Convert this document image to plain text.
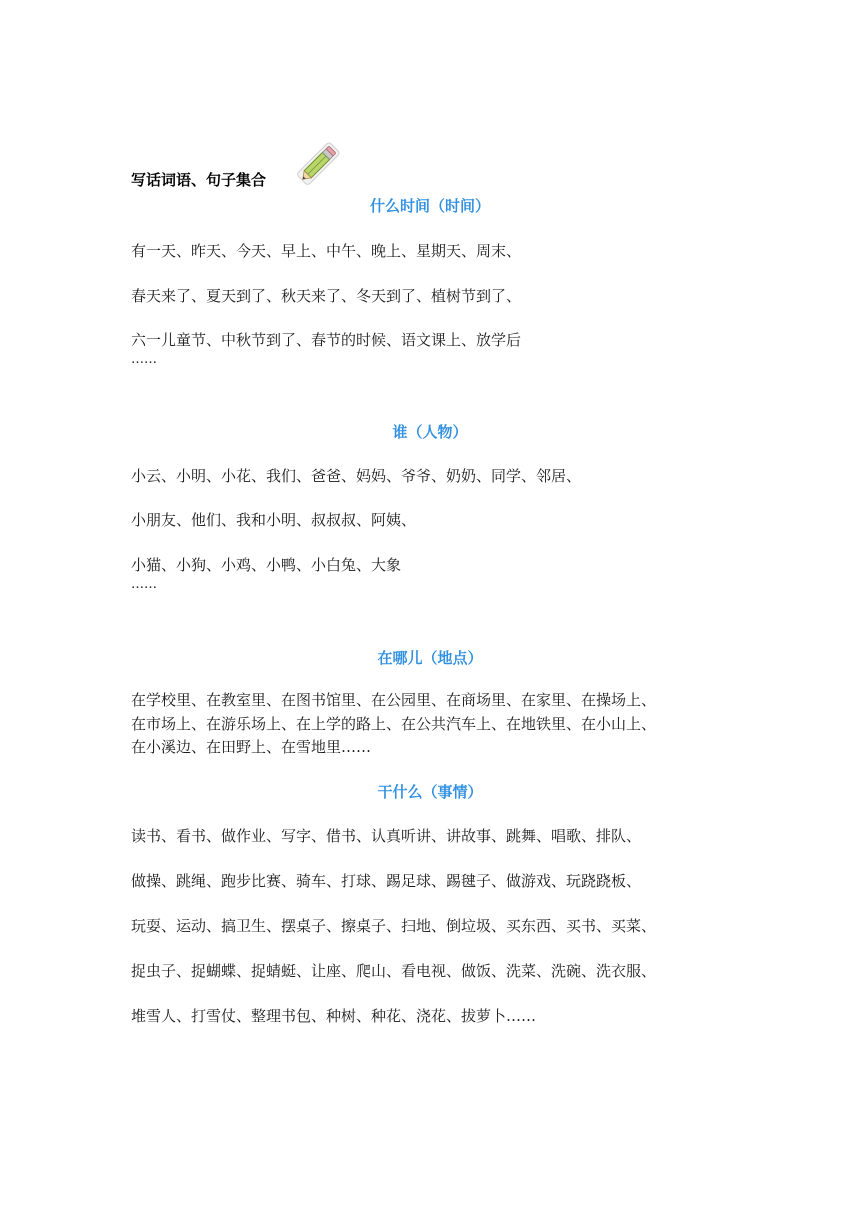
写话词语、句子集合
什么时间（时间）
有一天、昨天、今天、早上、中午、晚上、星期天、周末、
春天来了、夏天到了、秋天来了、冬天到了、植树节到了、
六一儿童节、中秋节到了、春节的时候、语文课上、放学后
……
谁（人物）
小云、小明、小花、我们、爸爸、妈妈、爷爷、奶奶、同学、邻居、
小朋友、他们、我和小明、叔叔叔、阿姨、
小猫、小狗、小鸡、小鸭、小白兔、大象
……
在哪儿（地点）
在学校里、在教室里、在图书馆里、在公园里、在商场里、在家里、在操场上、
在市场上、在游乐场上、在上学的路上、在公共汽车上、在地铁里、在小山上、
在小溪边、在田野上、在雪地里……
干什么（事情）
读书、看书、做作业、写字、借书、认真听讲、讲故事、跳舞、唱歌、排队、
做操、跳绳、跑步比赛、骑车、打球、踢足球、踢毽子、做游戏、玩跷跷板、
玩耍、运动、搞卫生、摆桌子、擦桌子、扫地、倒垃圾、买东西、买书、买菜、
捉虫子、捉蝴蝶、捉蜻蜓、让座、爬山、看电视、做饭、洗菜、洗碗、洗衣服、
堆雪人、打雪仗、整理书包、种树、种花、浇花、拔萝卜……
